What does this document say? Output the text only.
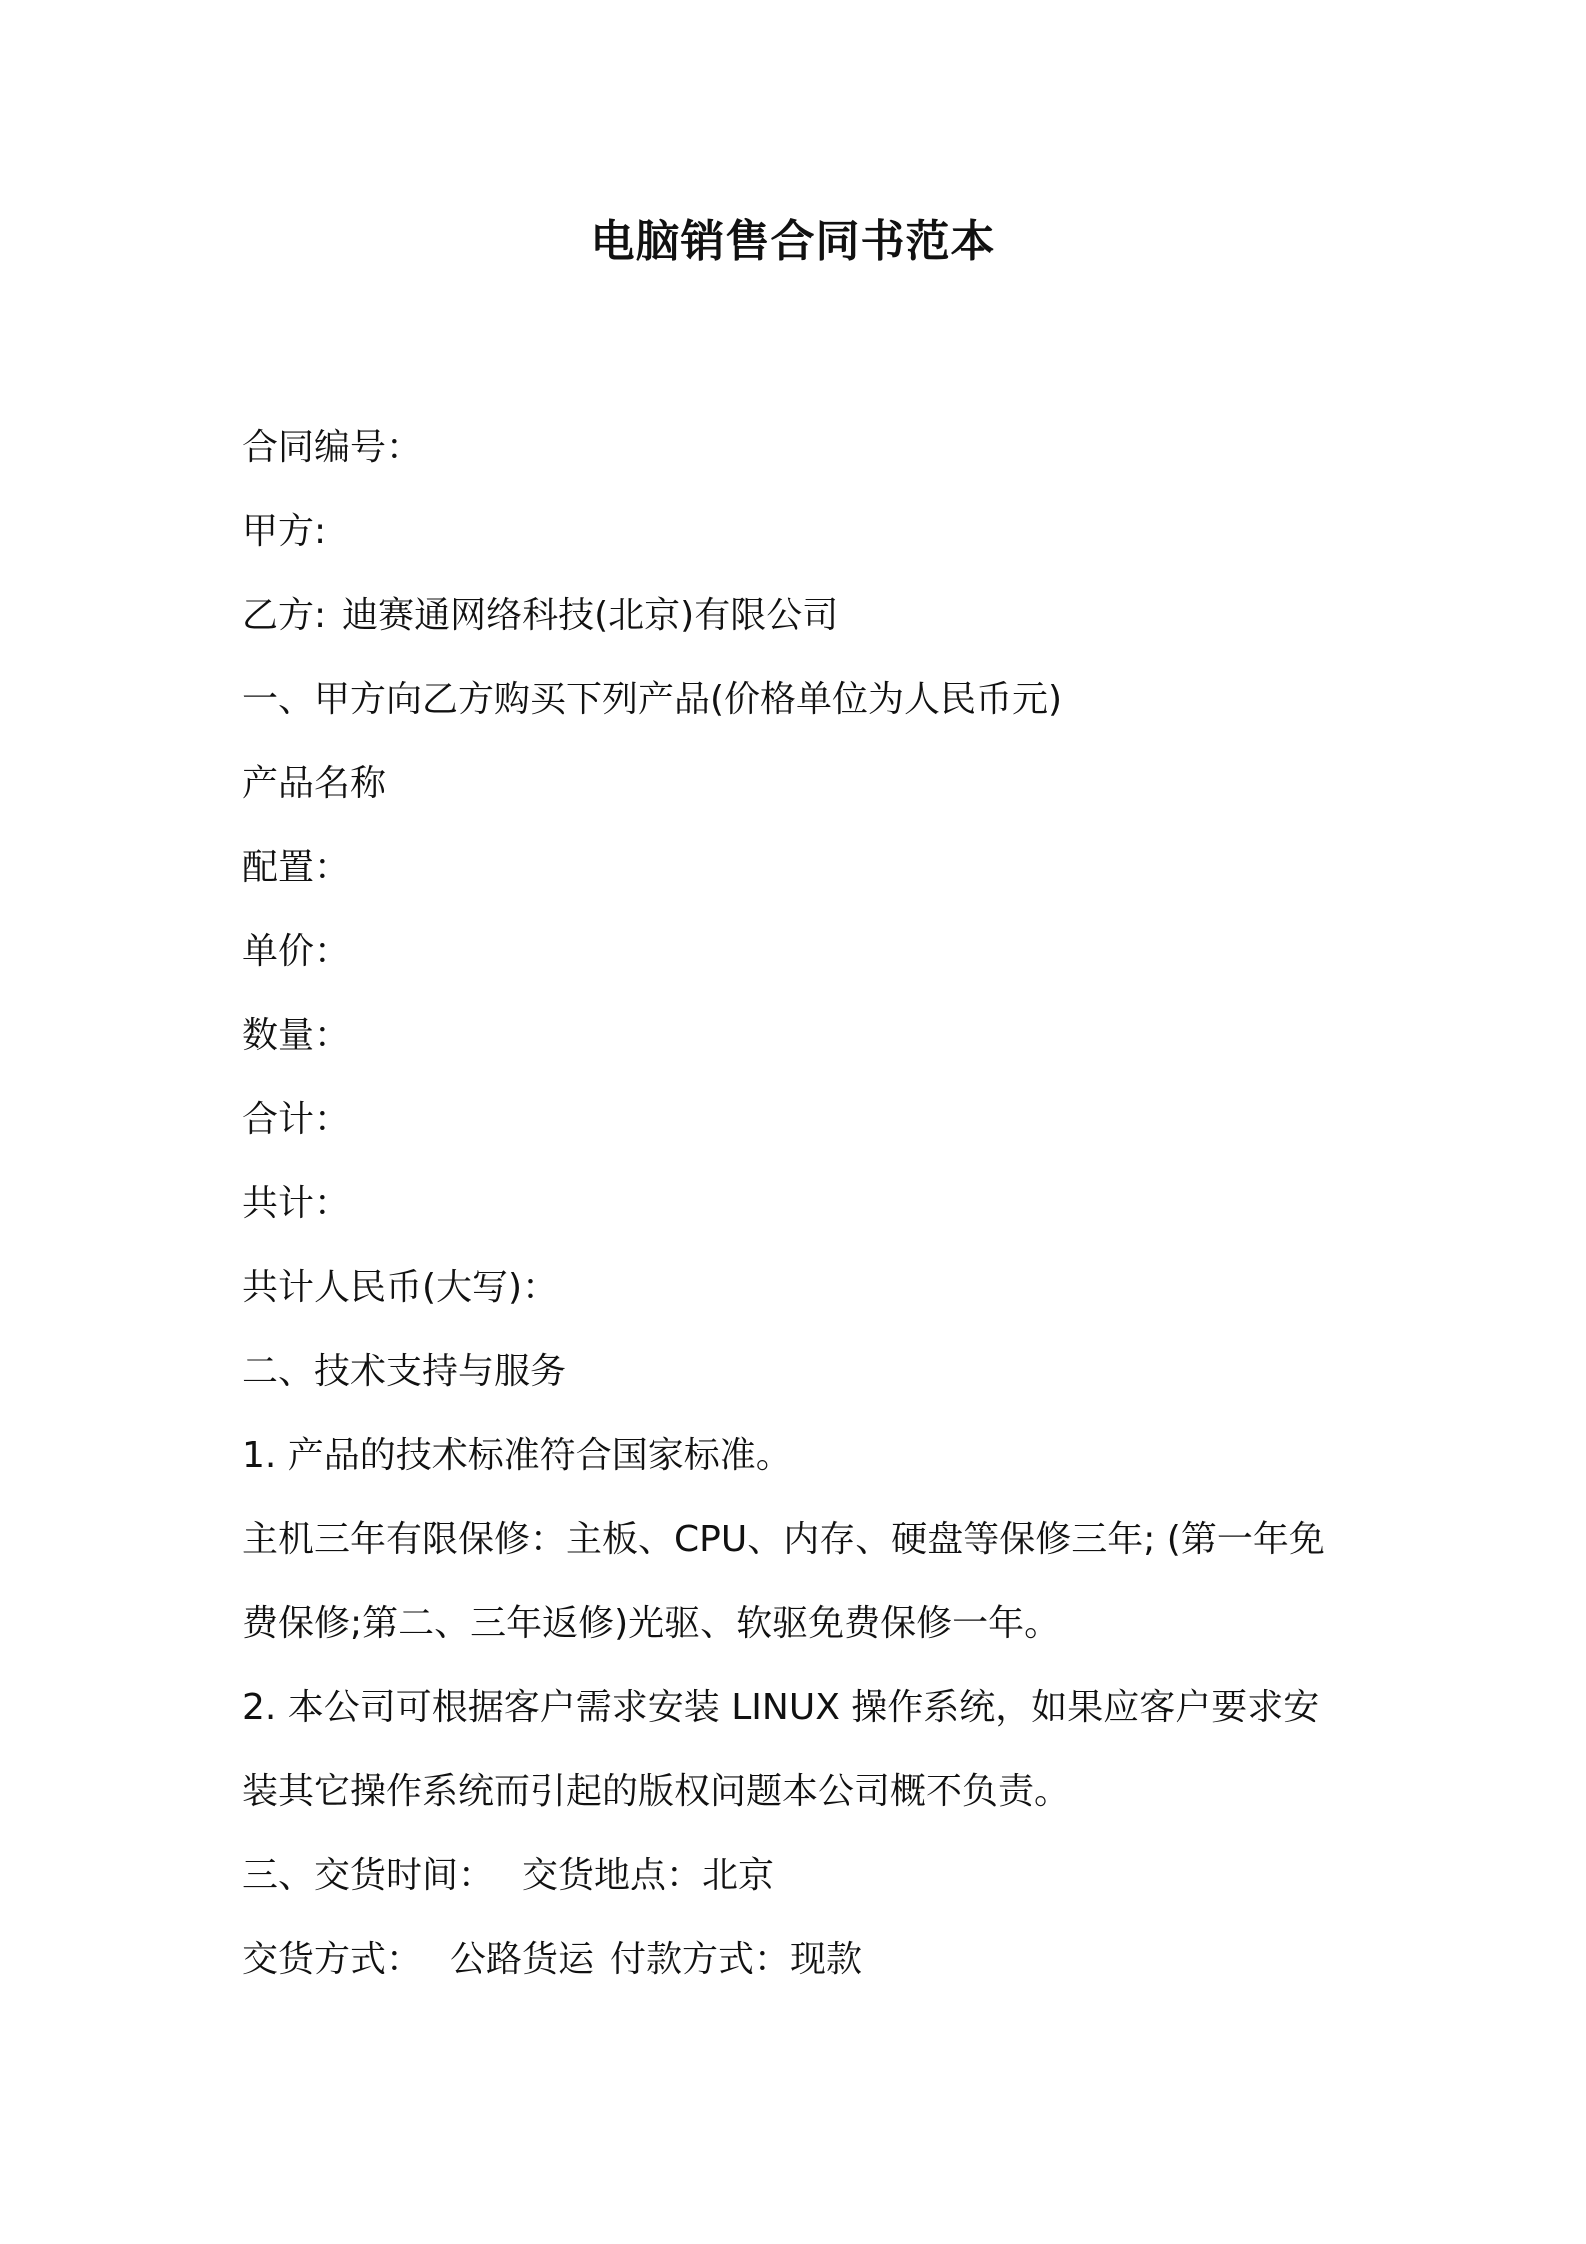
电脑销售合同书范本
合同编号：
甲方:
乙方: 迪赛通网络科技(北京)有限公司
一、甲方向乙方购买下列产品(价格单位为人民币元)
产品名称
配置：
单价：
数量：
合计：
共计：
共计人民币(大写)：
二、技术支持与服务
1. 产品的技术标准符合国家标准。
主机三年有限保修：主板、CPU、内存、硬盘等保修三年; (第一年免
费保修;第二、三年返修)光驱、软驱免费保修一年。
2. 本公司可根据客户需求安装 LINUX 操作系统，如果应客户要求安
装其它操作系统而引起的版权问题本公司概不负责。
三、交货时间： 交货地点：北京
交货方式： 公路货运 付款方式：现款
